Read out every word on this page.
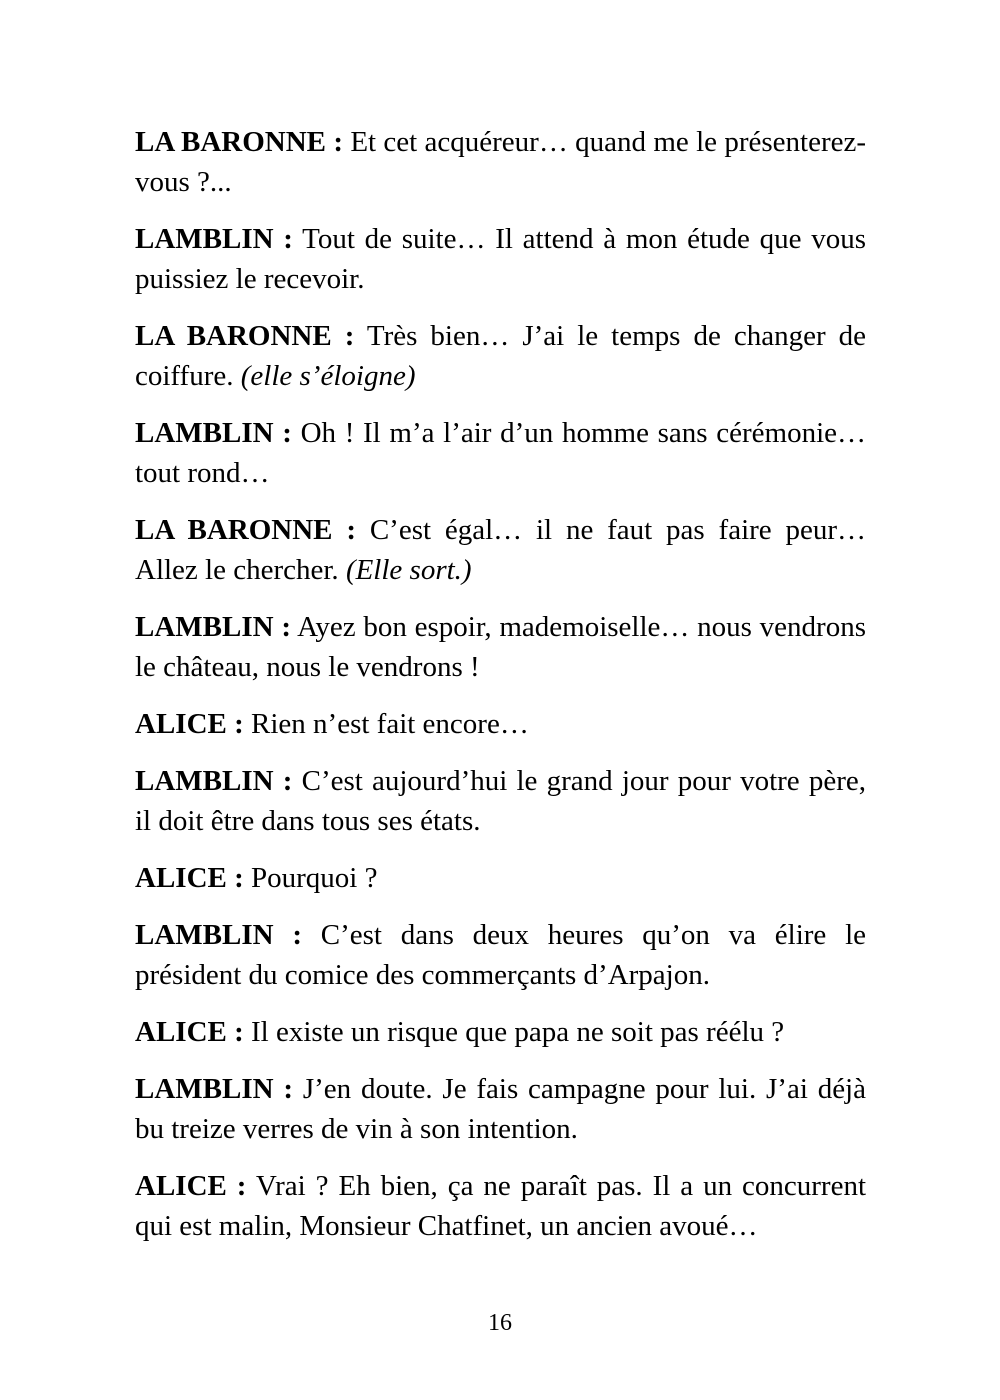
LA BARONNE : Et cet acquéreur… quand me le présenterez-vous ?...

LAMBLIN : Tout de suite… Il attend à mon étude que vous puissiez le recevoir.

LA BARONNE : Très bien… J’ai le temps de changer de coiffure. (elle s’éloigne)

LAMBLIN : Oh ! Il m’a l’air d’un homme sans cérémonie… tout rond…

LA BARONNE : C’est égal… il ne faut pas faire peur… Allez le chercher. (Elle sort.)

LAMBLIN : Ayez bon espoir, mademoiselle… nous vendrons le château, nous le vendrons !

ALICE : Rien n’est fait encore…

LAMBLIN : C’est aujourd’hui le grand jour pour votre père, il doit être dans tous ses états.

ALICE : Pourquoi ?

LAMBLIN : C’est dans deux heures qu’on va élire le président du comice des commerçants d’Arpajon.

ALICE : Il existe un risque que papa ne soit pas réélu ?

LAMBLIN : J’en doute. Je fais campagne pour lui. J’ai déjà bu treize verres de vin à son intention.

ALICE : Vrai ? Eh bien, ça ne paraît pas. Il a un concurrent qui est malin, Monsieur Chatfinet, un ancien avoué…

16
